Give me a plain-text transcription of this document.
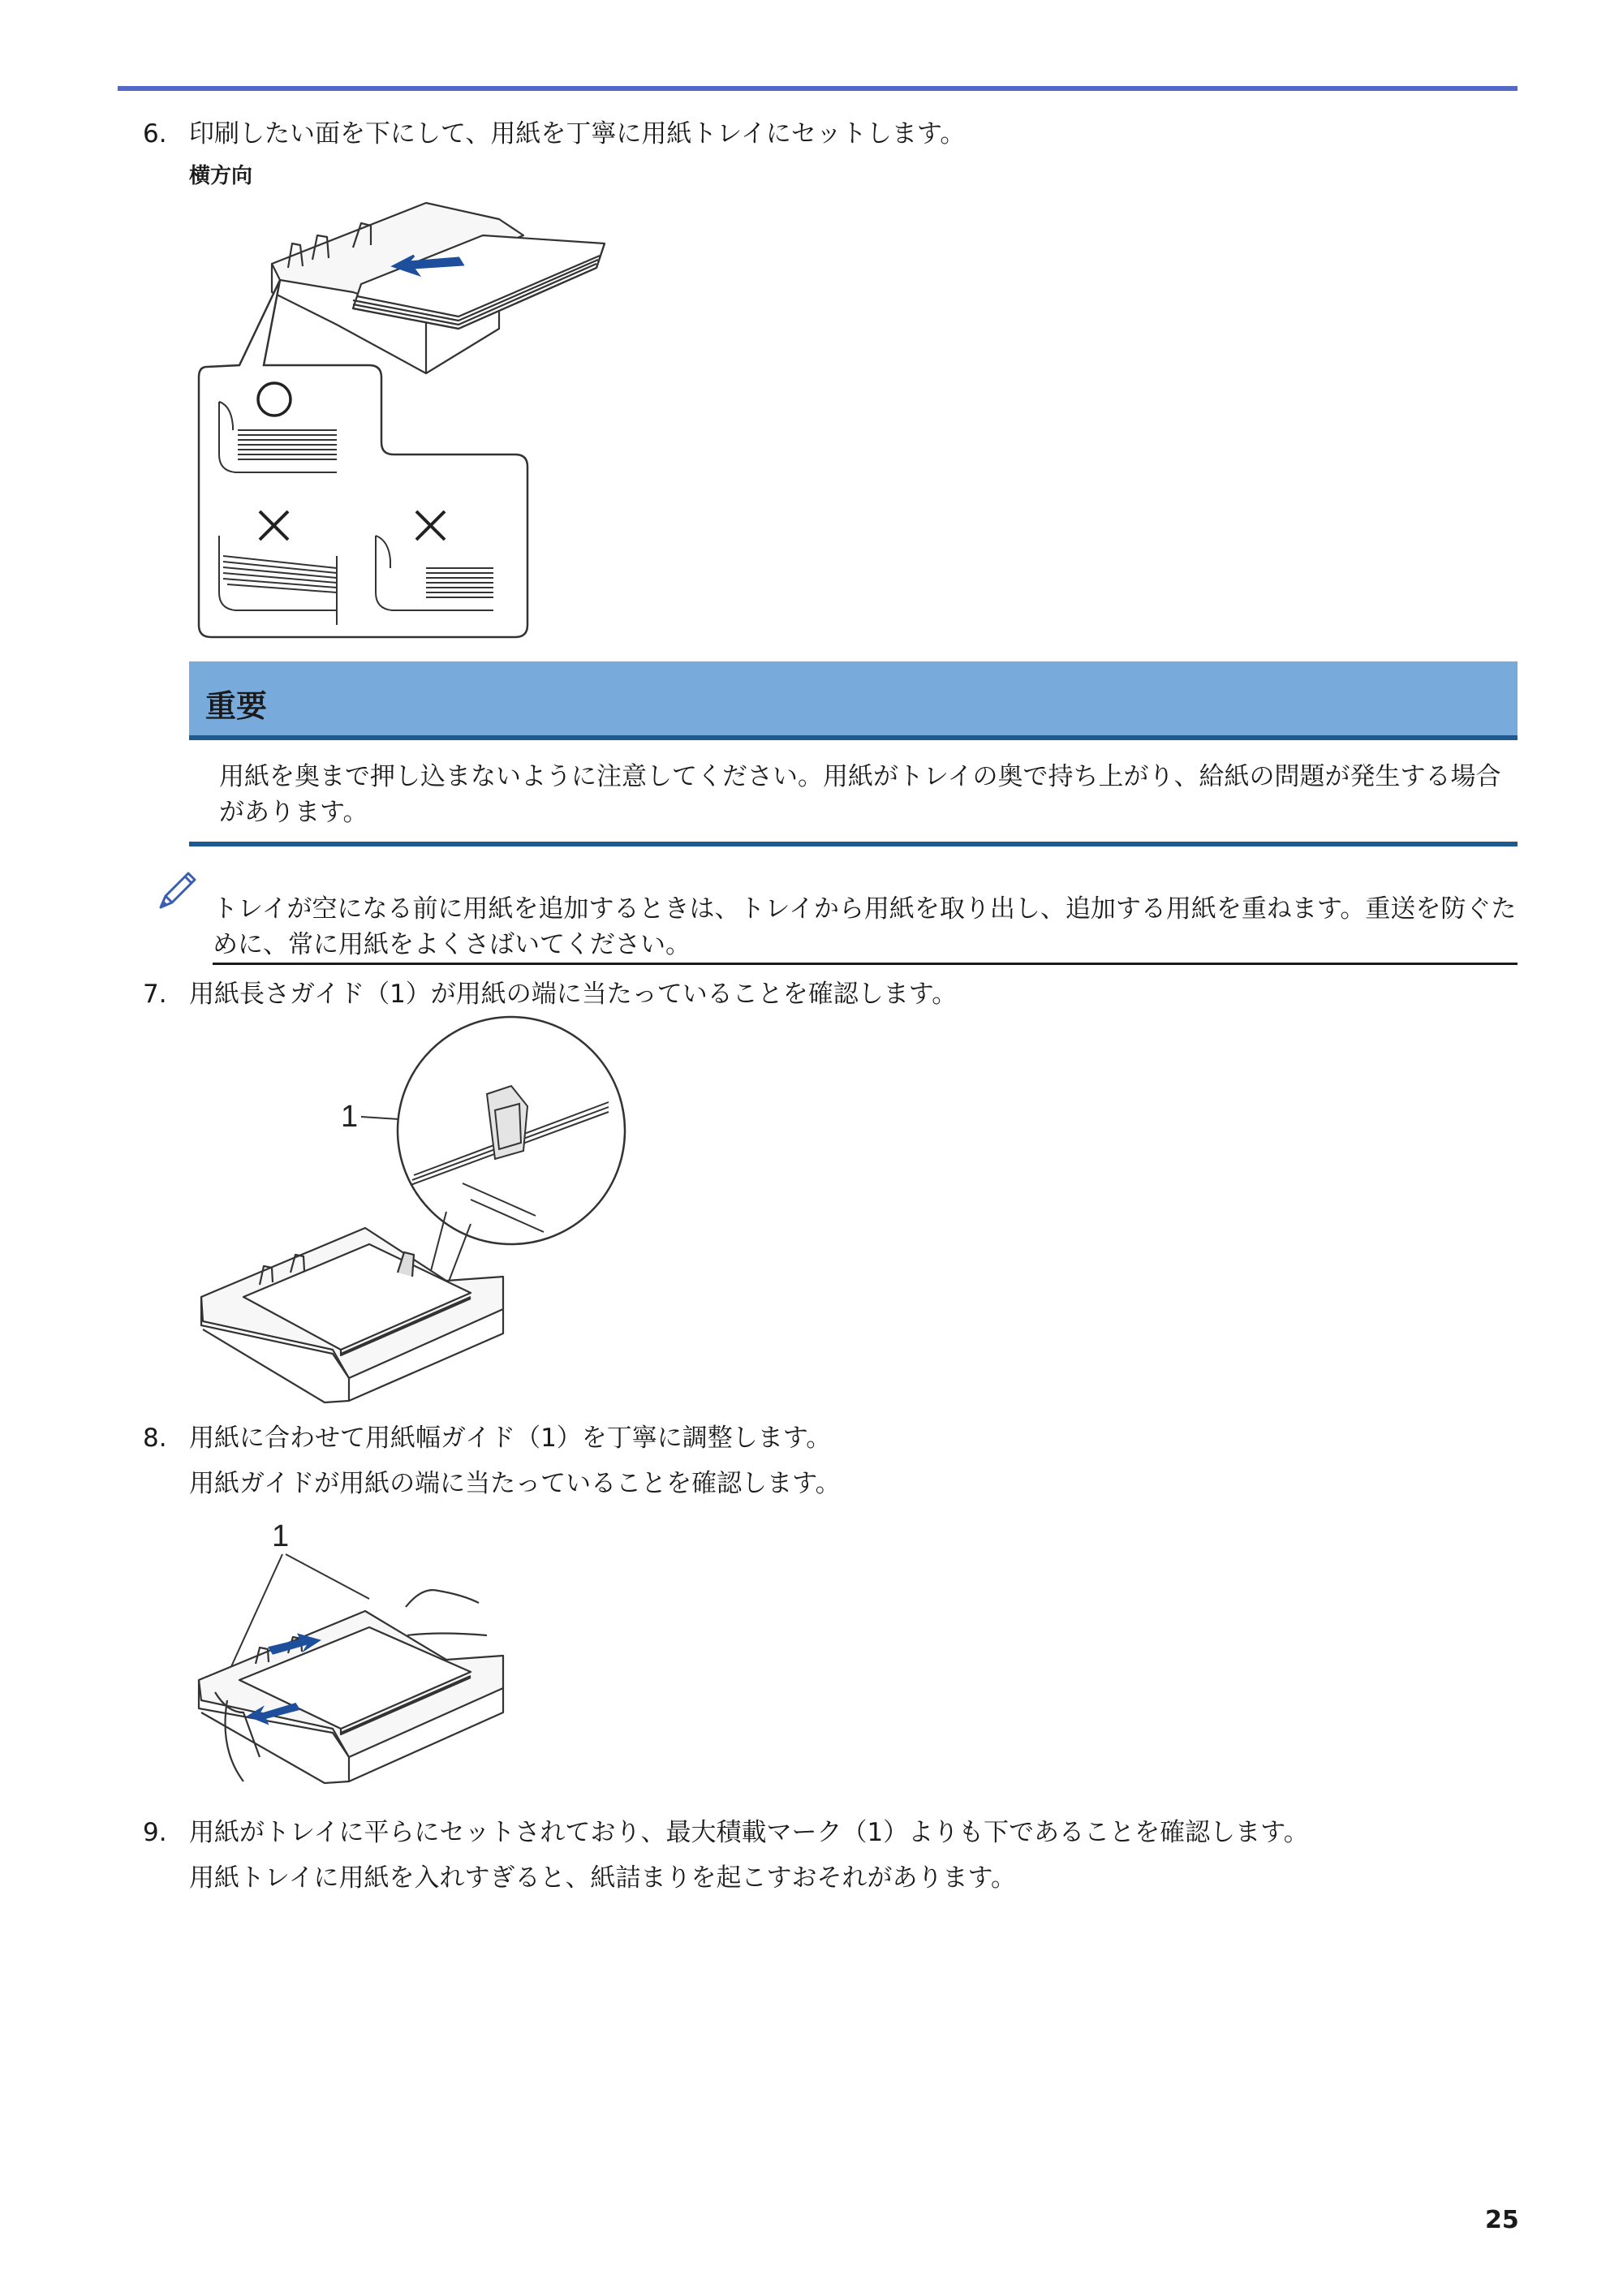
6. 印刷したい面を下にして、用紙を丁寧に用紙トレイにセットします。
横方向
重要
用紙を奥まで押し込まないように注意してください。用紙がトレイの奥で持ち上がり、給紙の問題が発生する場合があります。
トレイが空になる前に用紙を追加するときは、トレイから用紙を取り出し、追加する用紙を重ねます。重送を防ぐために、常に用紙をよくさばいてください。
7. 用紙長さガイド（1）が用紙の端に当たっていることを確認します。
1
8. 用紙に合わせて用紙幅ガイド（1）を丁寧に調整します。
用紙ガイドが用紙の端に当たっていることを確認します。
1
9. 用紙がトレイに平らにセットされており、最大積載マーク（1）よりも下であることを確認します。
用紙トレイに用紙を入れすぎると、紙詰まりを起こすおそれがあります。
25
